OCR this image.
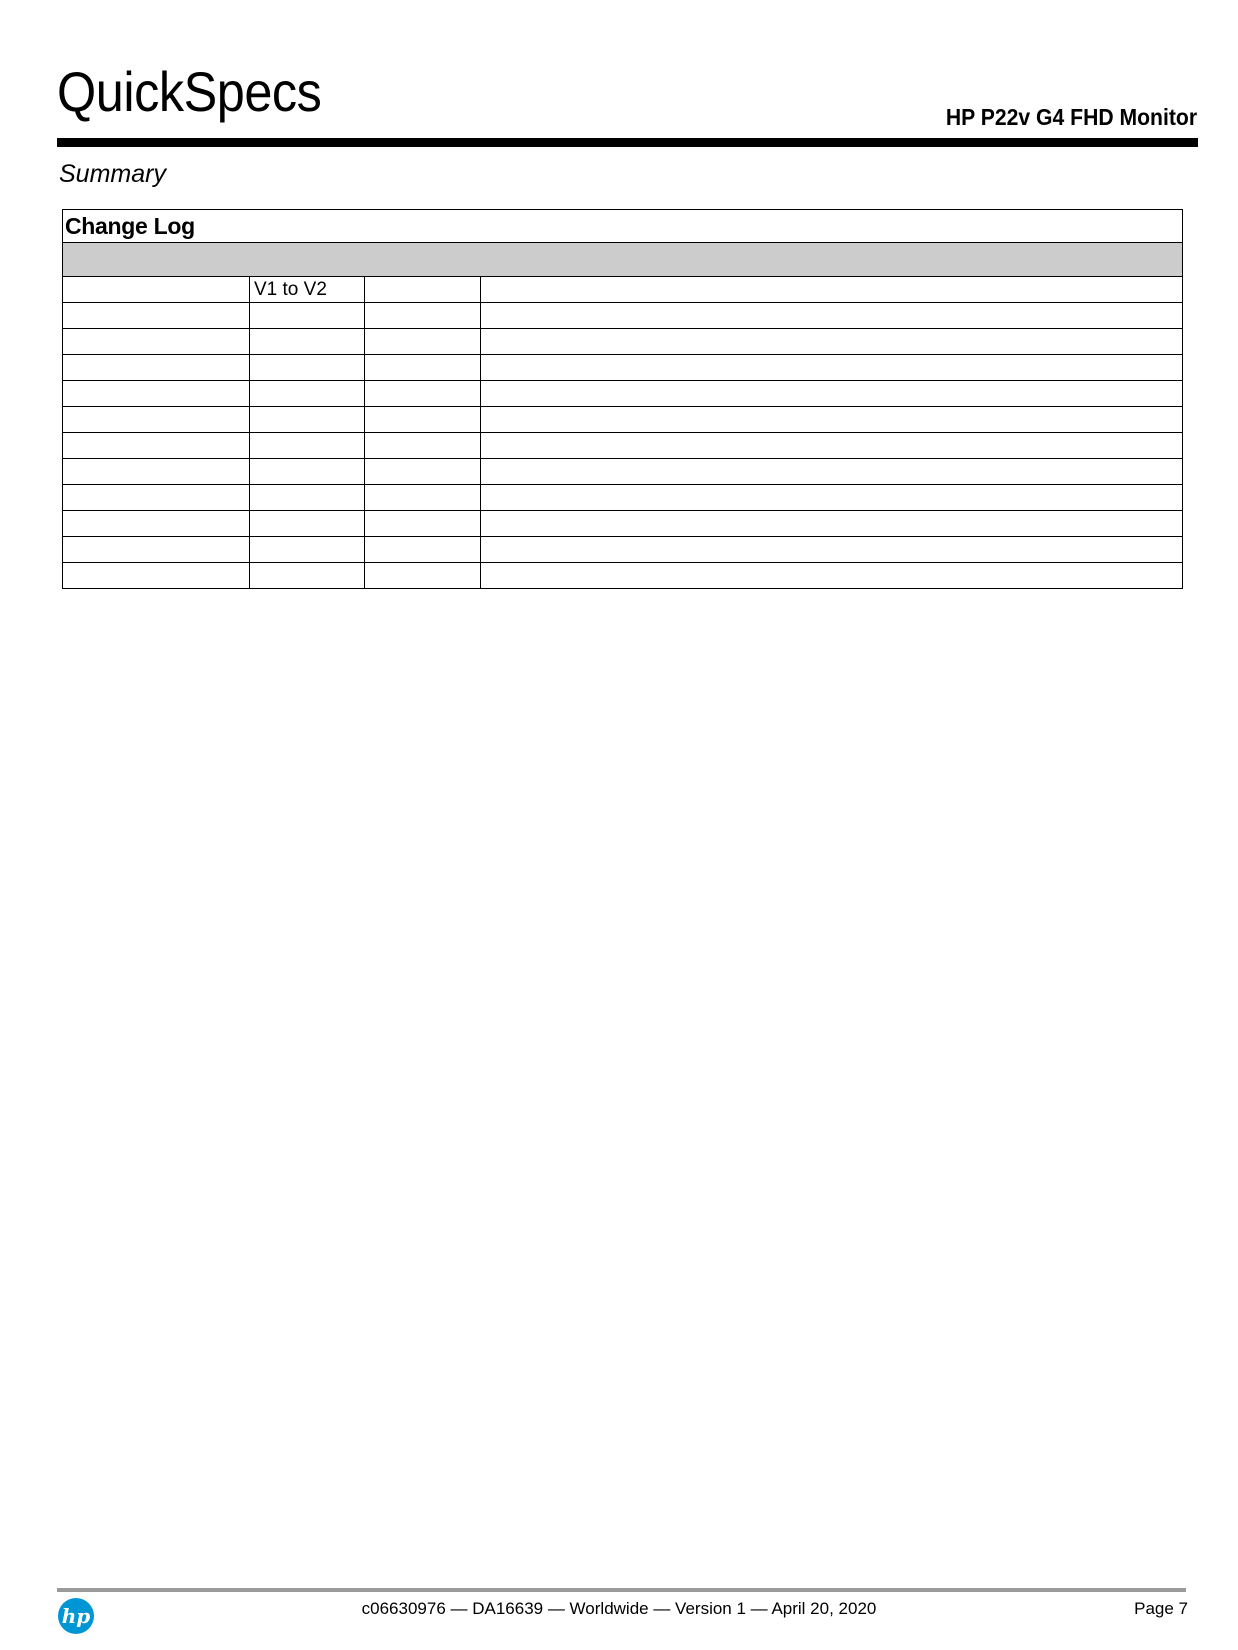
QuickSpecs	HP P22v G4 FHD Monitor
Summary
Change Log			

	V1 to V2		

hp	c06630976 — DA16639 — Worldwide — Version 1 — April 20, 2020	Page 7
